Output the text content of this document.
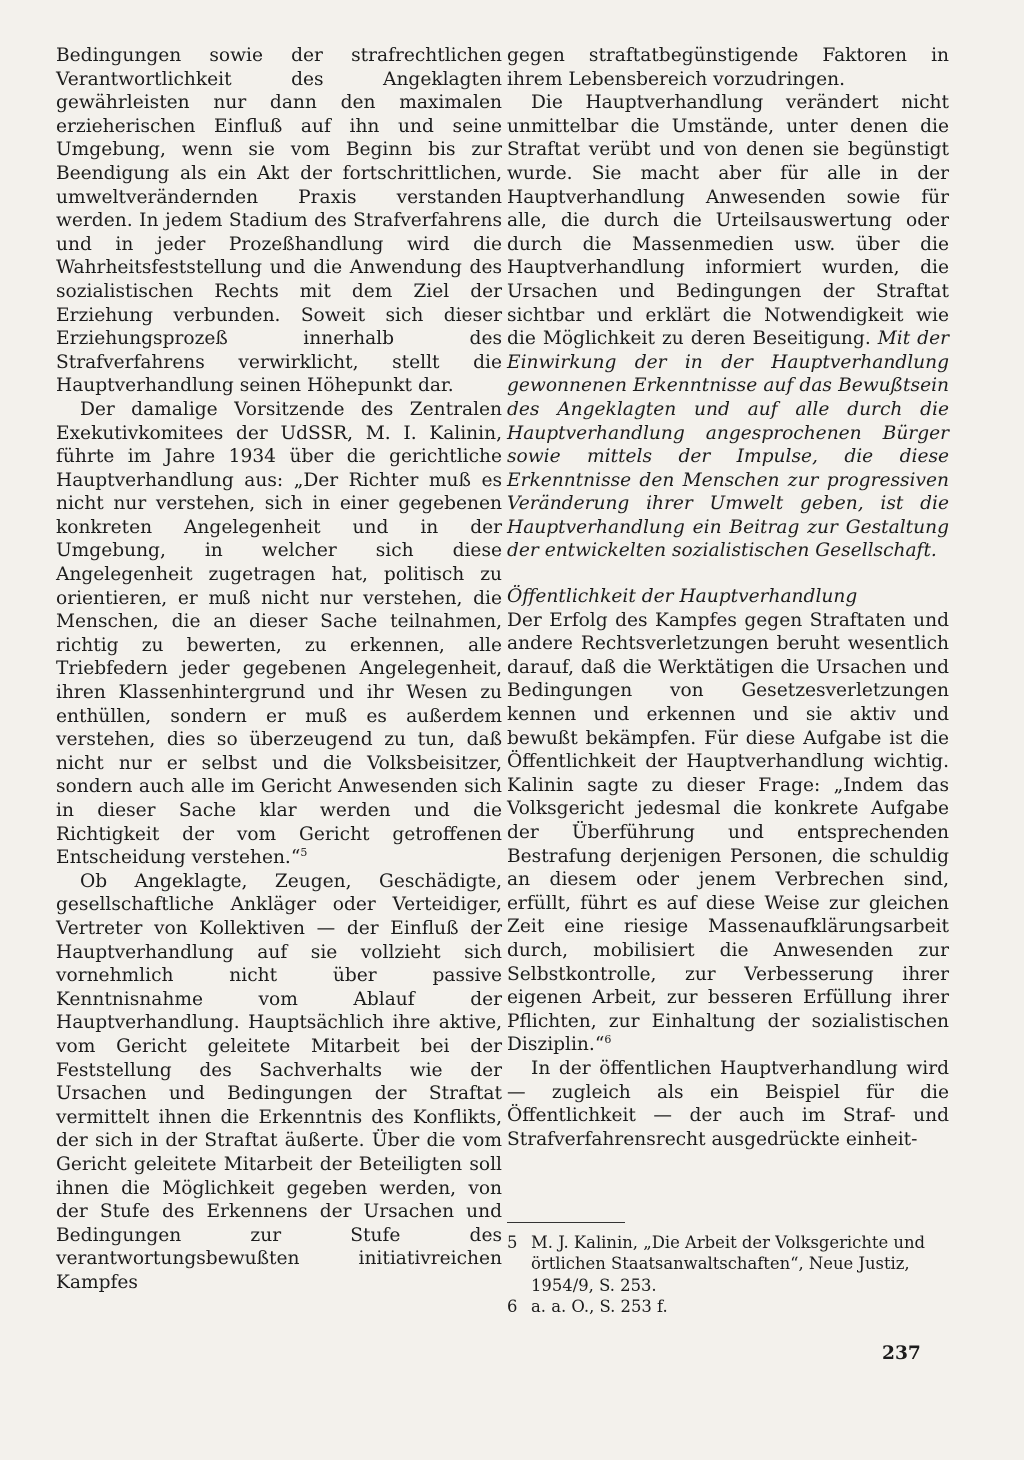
Bedingungen sowie der strafrechtlichen Verantwortlichkeit des Angeklagten gewährleisten nur dann den maximalen erzieherischen Einfluß auf ihn und seine Umgebung, wenn sie vom Beginn bis zur Beendigung als ein Akt der fortschrittlichen, umweltverändernden Praxis verstanden werden. In jedem Stadium des Strafverfahrens und in jeder Prozeßhandlung wird die Wahrheitsfeststellung und die Anwendung des sozialistischen Rechts mit dem Ziel der Erziehung verbunden. Soweit sich dieser Erziehungsprozeß innerhalb des Strafverfahrens verwirklicht, stellt die Hauptverhandlung seinen Höhepunkt dar.

Der damalige Vorsitzende des Zentralen Exekutivkomitees der UdSSR, M. I. Kalinin, führte im Jahre 1934 über die gerichtliche Hauptverhandlung aus: „Der Richter muß es nicht nur verstehen, sich in einer gegebenen konkreten Angelegenheit und in der Umgebung, in welcher sich diese Angelegenheit zugetragen hat, politisch zu orientieren, er muß nicht nur verstehen, die Menschen, die an dieser Sache teilnahmen, richtig zu bewerten, zu erkennen, alle Triebfedern jeder gegebenen Angelegenheit, ihren Klassenhintergrund und ihr Wesen zu enthüllen, sondern er muß es außerdem verstehen, dies so überzeugend zu tun, daß nicht nur er selbst und die Volksbeisitzer, sondern auch alle im Gericht Anwesenden sich in dieser Sache klar werden und die Richtigkeit der vom Gericht getroffenen Entscheidung verstehen.“$^5$

Ob Angeklagte, Zeugen, Geschädigte, gesellschaftliche Ankläger oder Verteidiger, Vertreter von Kollektiven — der Einfluß der Hauptverhandlung auf sie vollzieht sich vornehmlich nicht über passive Kenntnisnahme vom Ablauf der Hauptverhandlung. Hauptsächlich ihre aktive, vom Gericht geleitete Mitarbeit bei der Feststellung des Sachverhalts wie der Ursachen und Bedingungen der Straftat vermittelt ihnen die Erkenntnis des Konflikts, der sich in der Straftat äußerte. Über die vom Gericht geleitete Mitarbeit der Beteiligten soll ihnen die Möglichkeit gegeben werden, von der Stufe des Erkennens der Ursachen und Bedingungen zur Stufe des verantwortungsbewußten initiativreichen Kampfes

gegen straftatbegünstigende Faktoren in ihrem Lebensbereich vorzudringen.

Die Hauptverhandlung verändert nicht unmittelbar die Umstände, unter denen die Straftat verübt und von denen sie begünstigt wurde. Sie macht aber für alle in der Hauptverhandlung Anwesenden sowie für alle, die durch die Urteilsauswertung oder durch die Massenmedien usw. über die Hauptverhandlung informiert wurden, die Ursachen und Bedingungen der Straftat sichtbar und erklärt die Notwendigkeit wie die Möglichkeit zu deren Beseitigung. Mit der Einwirkung der in der Hauptverhandlung gewonnenen Erkenntnisse auf das Bewußtsein des Angeklagten und auf alle durch die Hauptverhandlung angesprochenen Bürger sowie mittels der Impulse, die diese Erkenntnisse den Menschen zur progressiven Veränderung ihrer Umwelt geben, ist die Hauptverhandlung ein Beitrag zur Gestaltung der entwickelten sozialistischen Gesellschaft.

Öffentlichkeit der Hauptverhandlung

Der Erfolg des Kampfes gegen Straftaten und andere Rechtsverletzungen beruht wesentlich darauf, daß die Werktätigen die Ursachen und Bedingungen von Gesetzesverletzungen kennen und erkennen und sie aktiv und bewußt bekämpfen. Für diese Aufgabe ist die Öffentlichkeit der Hauptverhandlung wichtig. Kalinin sagte zu dieser Frage: „Indem das Volksgericht jedesmal die konkrete Aufgabe der Überführung und entsprechenden Bestrafung derjenigen Personen, die schuldig an diesem oder jenem Verbrechen sind, erfüllt, führt es auf diese Weise zur gleichen Zeit eine riesige Massenaufklärungsarbeit durch, mobilisiert die Anwesenden zur Selbstkontrolle, zur Verbesserung ihrer eigenen Arbeit, zur besseren Erfüllung ihrer Pflichten, zur Einhaltung der sozialistischen Disziplin.“$^6$

In der öffentlichen Hauptverhandlung wird — zugleich als ein Beispiel für die Öffentlichkeit — der auch im Straf- und Strafverfahrensrecht ausgedrückte einheit-

5 M. J. Kalinin, „Die Arbeit der Volksgerichte und örtlichen Staatsanwaltschaften“, Neue Justiz, 1954/9, S. 253.
6 a. a. O., S. 253 f.
237
